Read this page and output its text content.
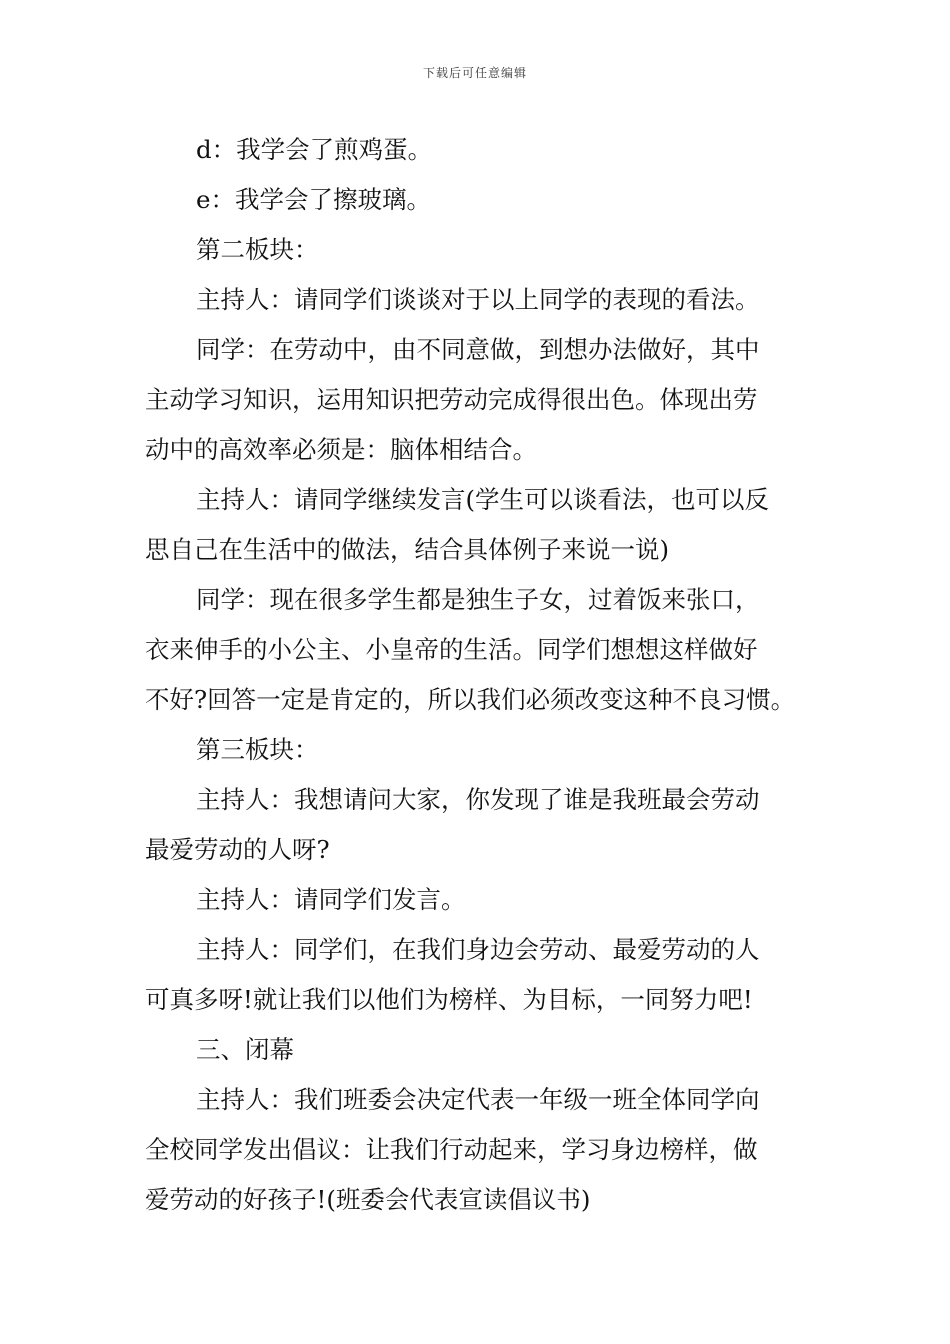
下载后可任意编辑
d：我学会了煎鸡蛋。
e：我学会了擦玻璃。
第二板块：
主持人：请同学们谈谈对于以上同学的表现的看法。
同学：在劳动中，由不同意做，到想办法做好，其中
主动学习知识，运用知识把劳动完成得很出色。体现出劳
动中的高效率必须是：脑体相结合。
主持人：请同学继续发言(学生可以谈看法，也可以反
思自己在生活中的做法，结合具体例子来说一说)
同学：现在很多学生都是独生子女，过着饭来张口，
衣来伸手的小公主、小皇帝的生活。同学们想想这样做好
不好?回答一定是肯定的，所以我们必须改变这种不良习惯。
第三板块：
主持人：我想请问大家，你发现了谁是我班最会劳动
最爱劳动的人呀?
主持人：请同学们发言。
主持人：同学们，在我们身边会劳动、最爱劳动的人
可真多呀!就让我们以他们为榜样、为目标，一同努力吧!
三、闭幕
主持人：我们班委会决定代表一年级一班全体同学向
全校同学发出倡议：让我们行动起来，学习身边榜样，做
爱劳动的好孩子!(班委会代表宣读倡议书)
